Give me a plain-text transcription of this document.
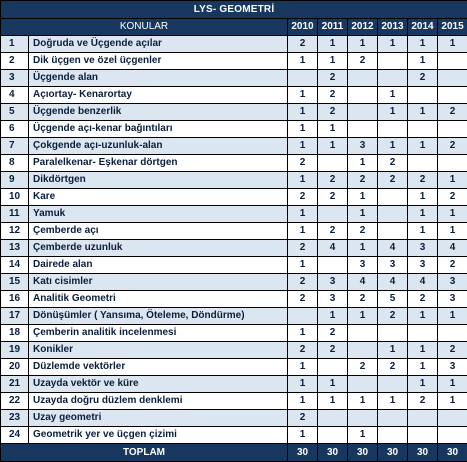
LYS- GEOMETRİ							
KONULAR		2010	2011	2012	2013	2014	2015
1	Doğruda ve Üçgende açılar	2	1	1	1	1	1
2	Dik üçgen ve özel üçgenler	1	1	2		1	
3	Üçgende alan		2			2	
4	Açıortay- Kenarortay	1	2		1		
5	Üçgende benzerlik	1	2		1	1	2
6	Üçgende açı-kenar bağıntıları	1	1				
7	Çokgende açı-uzunluk-alan	1	1	3	1	1	2
8	Paralelkenar- Eşkenar dörtgen	2		1	2		
9	Dikdörtgen	1	2	2	2	2	1
10	Kare	2	2	1		1	2
11	Yamuk	1		1		1	1
12	Çemberde açı	1	2	2		1	1
13	Çemberde uzunluk	2	4	1	4	3	4
14	Dairede alan	1		3	3	3	2
15	Katı cisimler	2	3	4	4	4	3
16	Analitik Geometri	2	3	2	5	2	3
17	Dönüşümler ( Yansıma, Öteleme, Döndürme)		1	1	2	1	1
18	Çemberin analitik incelenmesi	1	2				
19	Konikler	2	2		1	1	2
20	Düzlemde vektörler	1		2	2	1	3
21	Uzayda vektör ve küre	1	1			1	1
22	Uzayda doğru düzlem denklemi	1	1	1	1	2	1
23	Uzay geometri	2					
24	Geometrik yer ve üçgen çizimi	1		1			
TOPLAM		30	30	30	30	30	30
